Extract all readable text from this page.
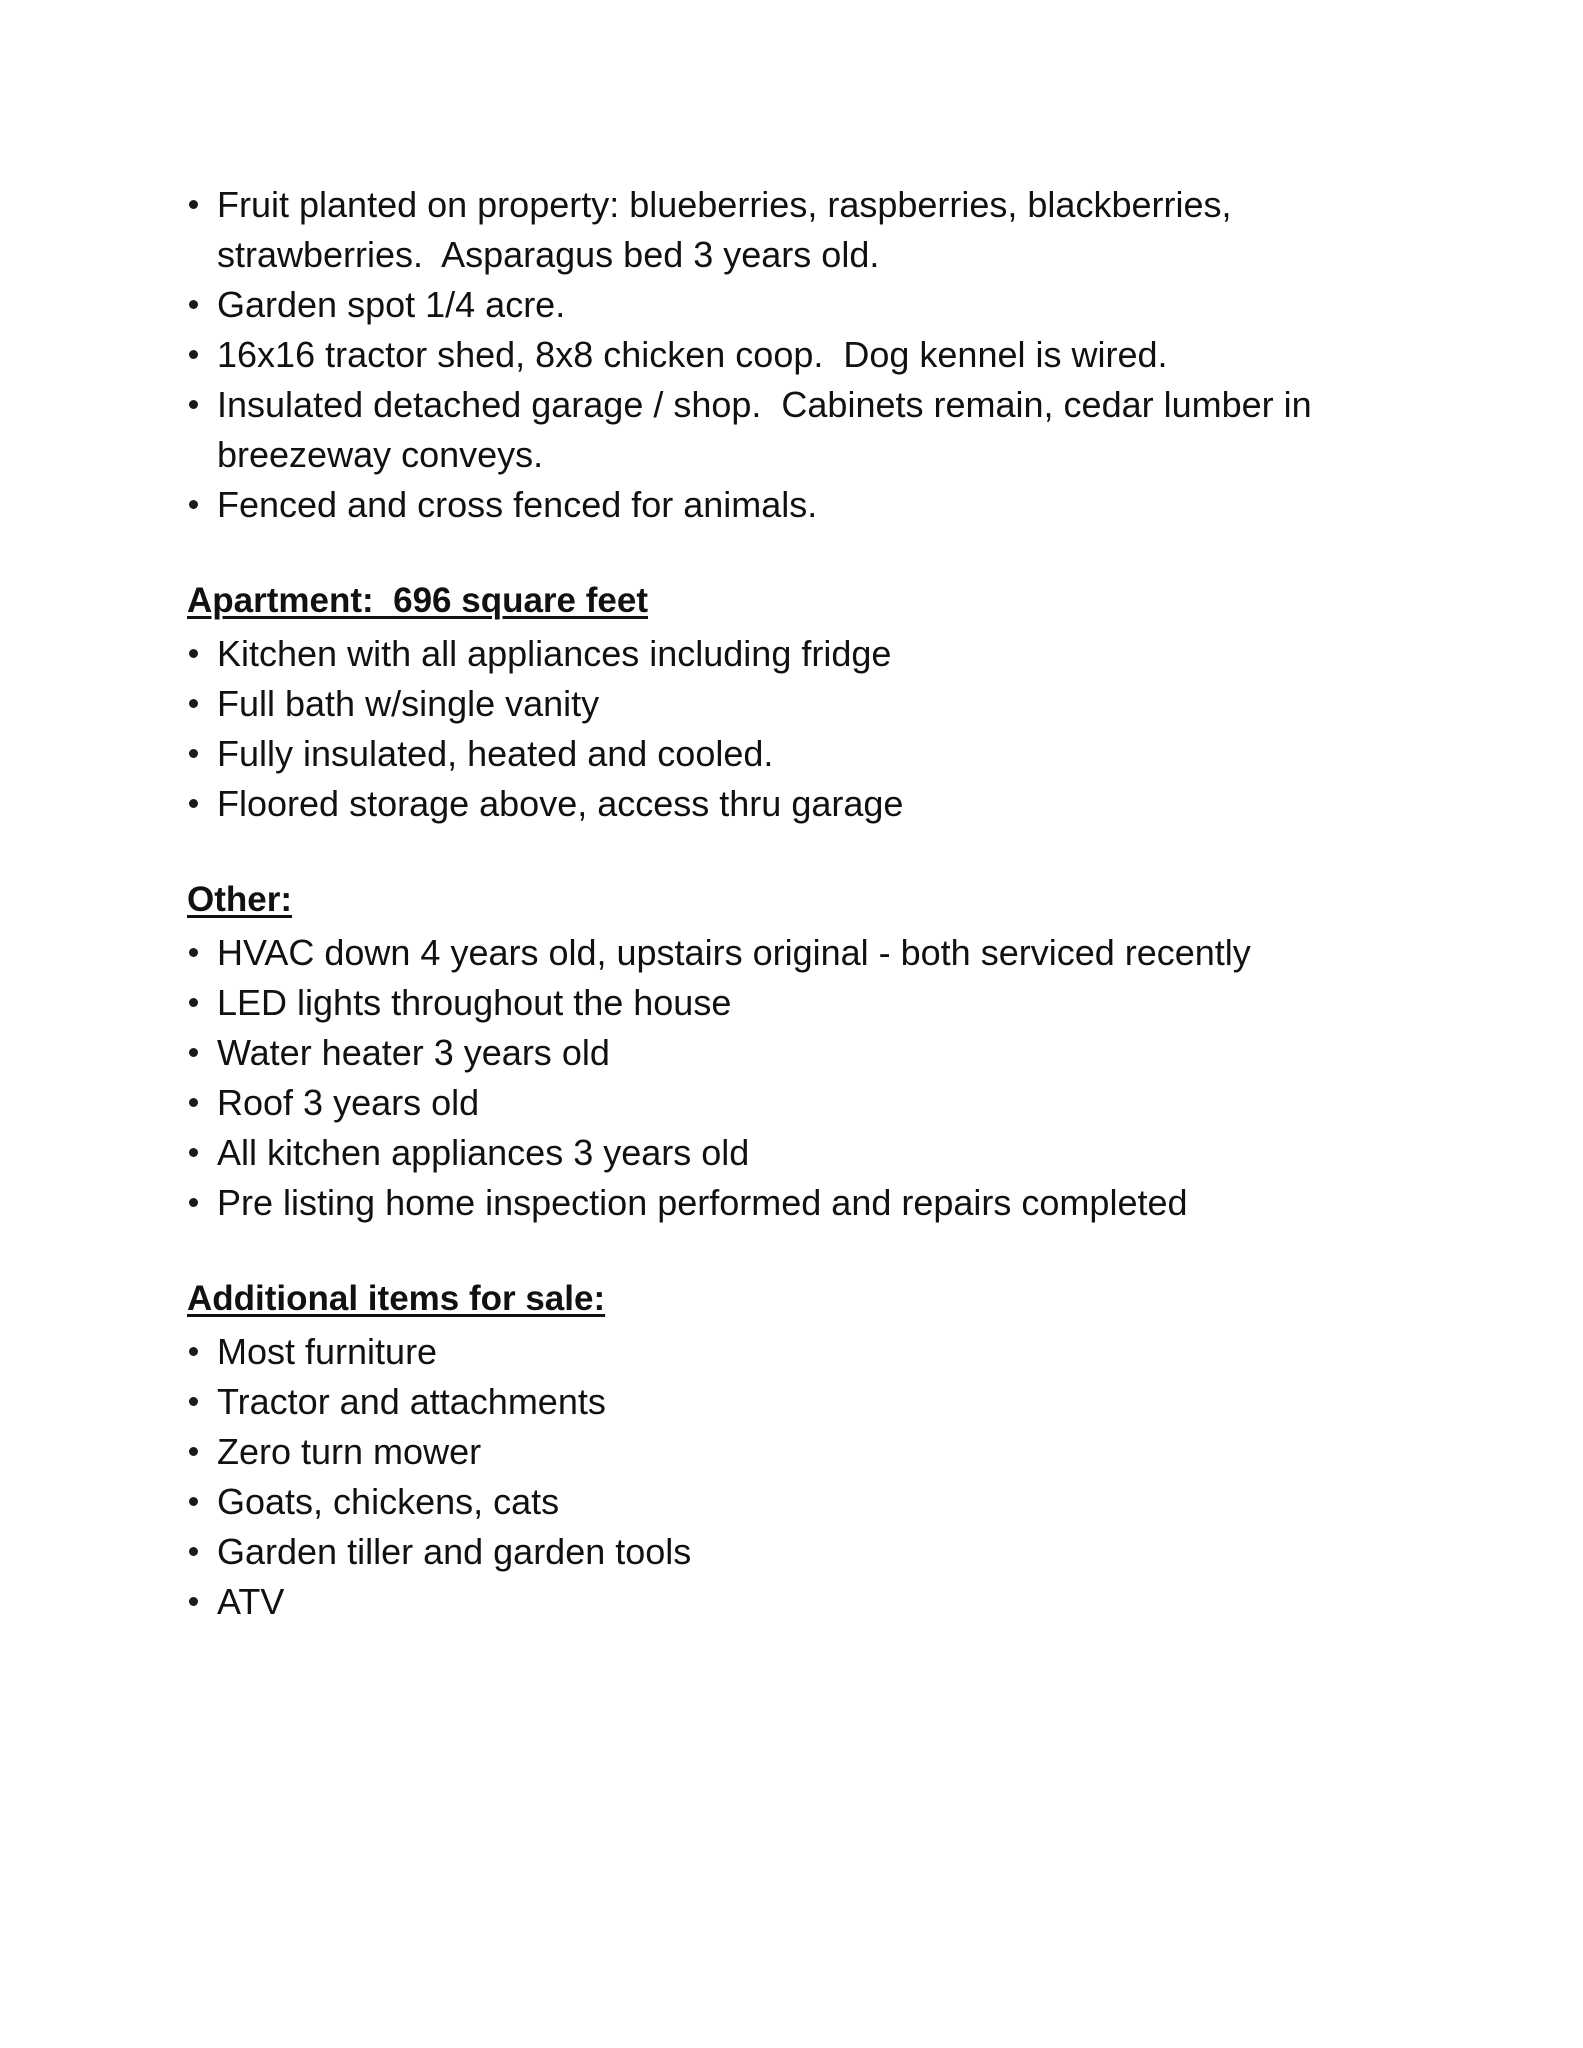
Fruit planted on property: blueberries, raspberries, blackberries, strawberries.  Asparagus bed 3 years old.
Garden spot 1/4 acre.
16x16 tractor shed, 8x8 chicken coop.  Dog kennel is wired.
Insulated detached garage / shop.  Cabinets remain, cedar lumber in breezeway conveys.
Fenced and cross fenced for animals.
Apartment:  696 square feet
Kitchen with all appliances including fridge
Full bath w/single vanity
Fully insulated, heated and cooled.
Floored storage above, access thru garage
Other:
HVAC down 4 years old, upstairs original - both serviced recently
LED lights throughout the house
Water heater 3 years old
Roof 3 years old
All kitchen appliances 3 years old
Pre listing home inspection performed and repairs completed
Additional items for sale:
Most furniture
Tractor and attachments
Zero turn mower
Goats, chickens, cats
Garden tiller and garden tools
ATV
